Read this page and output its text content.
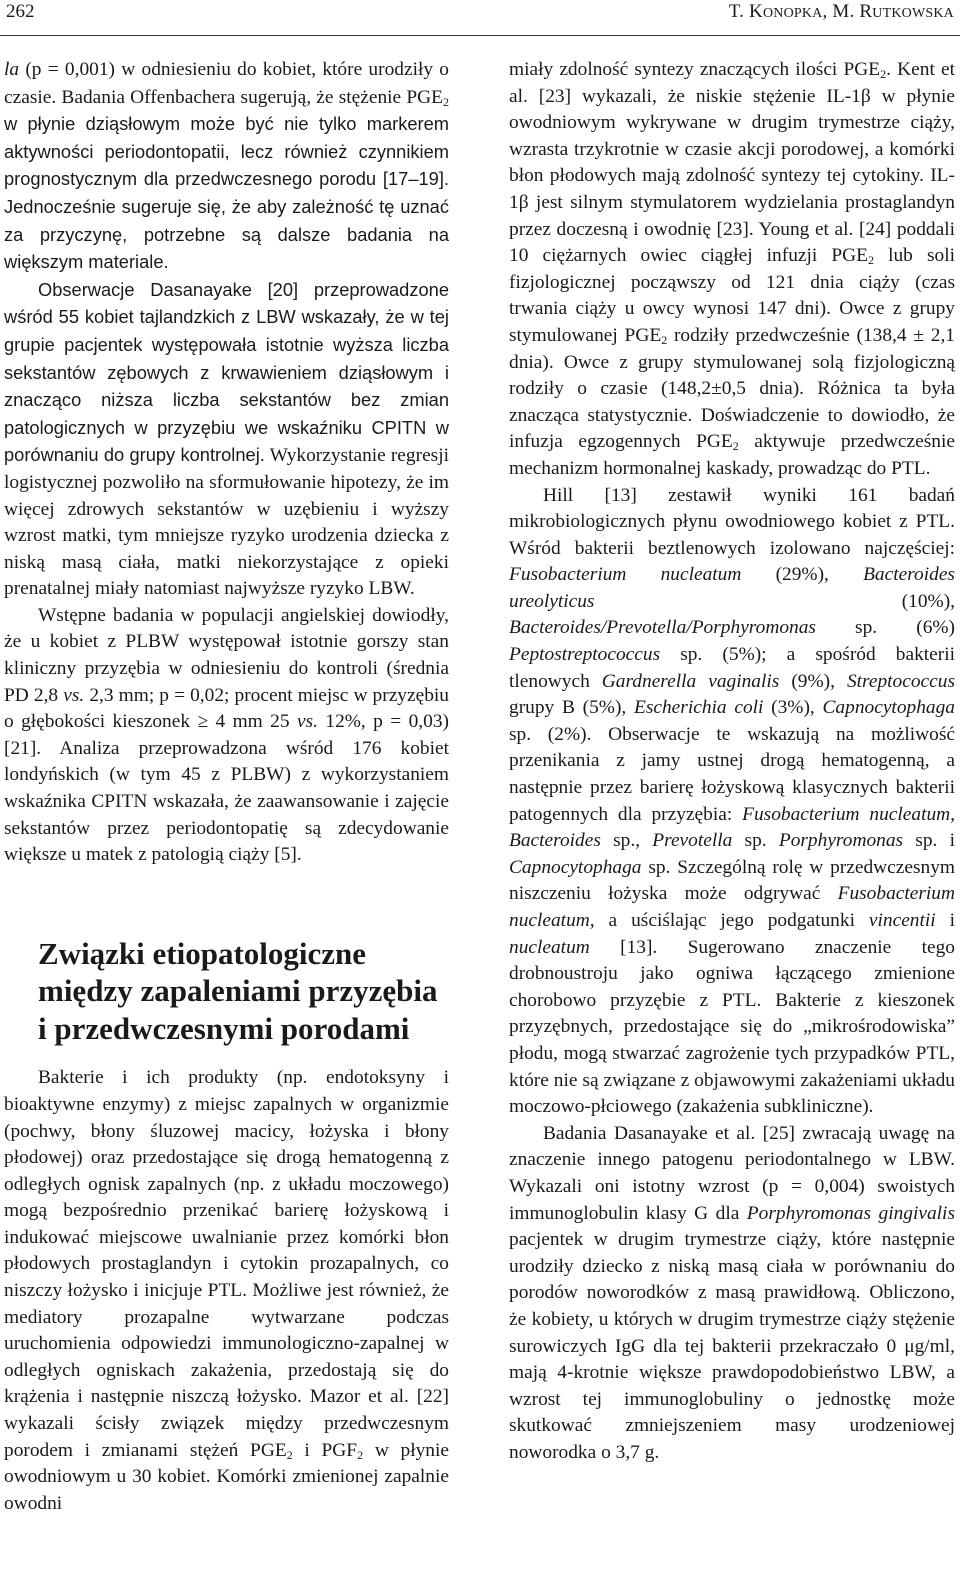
262	T. KONOPKA, M. RUTKOWSKA

la (p = 0,001) w odniesieniu do kobiet, które urodziły o czasie. Badania Offenbachera sugerują, że stężenie $PGE_2$ w płynie dziąsłowym może być nie tylko markerem aktywności periodontopatii, lecz również czynnikiem prognostycznym dla przedwczesnego porodu [17–19]. Jednocześnie sugeruje się, że aby zależność tę uznać za przyczynę, potrzebne są dalsze badania na większym materiale.

Obserwacje Dasanayake [20] przeprowadzone wśród 55 kobiet tajlandzkich z LBW wskazały, że w tej grupie pacjentek występowała istotnie wyższa liczba sekstantów zębowych z krwawieniem dziąsłowym i znacząco niższa liczba sekstantów bez zmian patologicznych w przyzębiu we wskaźniku CPITN w porównaniu do grupy kontrolnej. Wykorzystanie regresji logistycznej pozwoliło na sformułowanie hipotezy, że im więcej zdrowych sekstantów w uzębieniu i wyższy wzrost matki, tym mniejsze ryzyko urodzenia dziecka z niską masą ciała, matki niekorzystające z opieki prenatalnej miały natomiast najwyższe ryzyko LBW.

Wstępne badania w populacji angielskiej dowiodły, że u kobiet z PLBW występował istotnie gorszy stan kliniczny przyzębia w odniesieniu do kontroli (średnia PD 2,8 vs. 2,3 mm; p = 0,02; procent miejsc w przyzębiu o głębokości kieszonek ≥ 4 mm 25 vs. 12%, p = 0,03) [21]. Analiza przeprowadzona wśród 176 kobiet londyńskich (w tym 45 z PLBW) z wykorzystaniem wskaźnika CPITN wskazała, że zaawansowanie i zajęcie sekstantów przez periodontopatię są zdecydowanie większe u matek z patologią ciąży [5].

Związki etiopatologiczne między zapaleniami przyzębia i przedwczesnymi porodami

Bakterie i ich produkty (np. endotoksyny i bioaktywne enzymy) z miejsc zapalnych w organizmie (pochwy, błony śluzowej macicy, łożyska i błony płodowej) oraz przedostające się drogą hematogenną z odległych ognisk zapalnych (np. z układu moczowego) mogą bezpośrednio przenikać barierę łożyskową i indukować miejscowe uwalnianie przez komórki błon płodowych prostaglandyn i cytokin prozapalnych, co niszczy łożysko i inicjuje PTL. Możliwe jest również, że mediatory prozapalne wytwarzane podczas uruchomienia odpowiedzi immunologiczno-zapalnej w odległych ogniskach zakażenia, przedostają się do krążenia i następnie niszczą łożysko. Mazor et al. [22] wykazali ścisły związek między przedwczesnym porodem i zmianami stężeń $PGE_2$ i $PGF_2$ w płynie owodniowym u 30 kobiet. Komórki zmienionej zapalnie owodni

miały zdolność syntezy znaczących ilości $PGE_2$. Kent et al. [23] wykazali, że niskie stężenie IL-1β w płynie owodniowym wykrywane w drugim trymestrze ciąży, wzrasta trzykrotnie w czasie akcji porodowej, a komórki błon płodowych mają zdolność syntezy tej cytokiny. IL-1β jest silnym stymulatorem wydzielania prostaglandyn przez doczesną i owodnię [23]. Young et al. [24] poddali 10 ciężarnych owiec ciągłej infuzji $PGE_2$ lub soli fizjologicznej począwszy od 121 dnia ciąży (czas trwania ciąży u owcy wynosi 147 dni). Owce z grupy stymulowanej $PGE_2$ rodziły przedwcześnie (138,4 ± 2,1 dnia). Owce z grupy stymulowanej solą fizjologiczną rodziły o czasie (148,2±0,5 dnia). Różnica ta była znacząca statystycznie. Doświadczenie to dowiodło, że infuzja egzogennych $PGE_2$ aktywuje przedwcześnie mechanizm hormonalnej kaskady, prowadząc do PTL.

Hill [13] zestawił wyniki 161 badań mikrobiologicznych płynu owodniowego kobiet z PTL. Wśród bakterii beztlenowych izolowano najczęściej: Fusobacterium nucleatum (29%), Bacteroides ureolyticus (10%), Bacteroides/Prevotella/Porphyromonas sp. (6%) Peptostreptococcus sp. (5%); a spośród bakterii tlenowych Gardnerella vaginalis (9%), Streptococcus grupy B (5%), Escherichia coli (3%), Capnocytophaga sp. (2%). Obserwacje te wskazują na możliwość przenikania z jamy ustnej drogą hematogenną, a następnie przez barierę łożyskową klasycznych bakterii patogennych dla przyzębia: Fusobacterium nucleatum, Bacteroides sp., Prevotella sp. Porphyromonas sp. i Capnocytophaga sp. Szczególną rolę w przedwczesnym niszczeniu łożyska może odgrywać Fusobacterium nucleatum, a uściślając jego podgatunki vincentii i nucleatum [13]. Sugerowano znaczenie tego drobnoustroju jako ogniwa łączącego zmienione chorobowo przyzębie z PTL. Bakterie z kieszonek przyzębnych, przedostające się do „mikrośrodowiska” płodu, mogą stwarzać zagrożenie tych przypadków PTL, które nie są związane z objawowymi zakażeniami układu moczowo-płciowego (zakażenia subkliniczne).

Badania Dasanayake et al. [25] zwracają uwagę na znaczenie innego patogenu periodontalnego w LBW. Wykazali oni istotny wzrost (p = 0,004) swoistych immunoglobulin klasy G dla Porphyromonas gingivalis pacjentek w drugim trymestrze ciąży, które następnie urodziły dziecko z niską masą ciała w porównaniu do porodów noworodków z masą prawidłową. Obliczono, że kobiety, u których w drugim trymestrze ciąży stężenie surowiczych IgG dla tej bakterii przekraczało 0 μg/ml, mają 4-krotnie większe prawdopodobieństwo LBW, a wzrost tej immunoglobuliny o jednostkę może skutkować zmniejszeniem masy urodzeniowej noworodka o 3,7 g.
